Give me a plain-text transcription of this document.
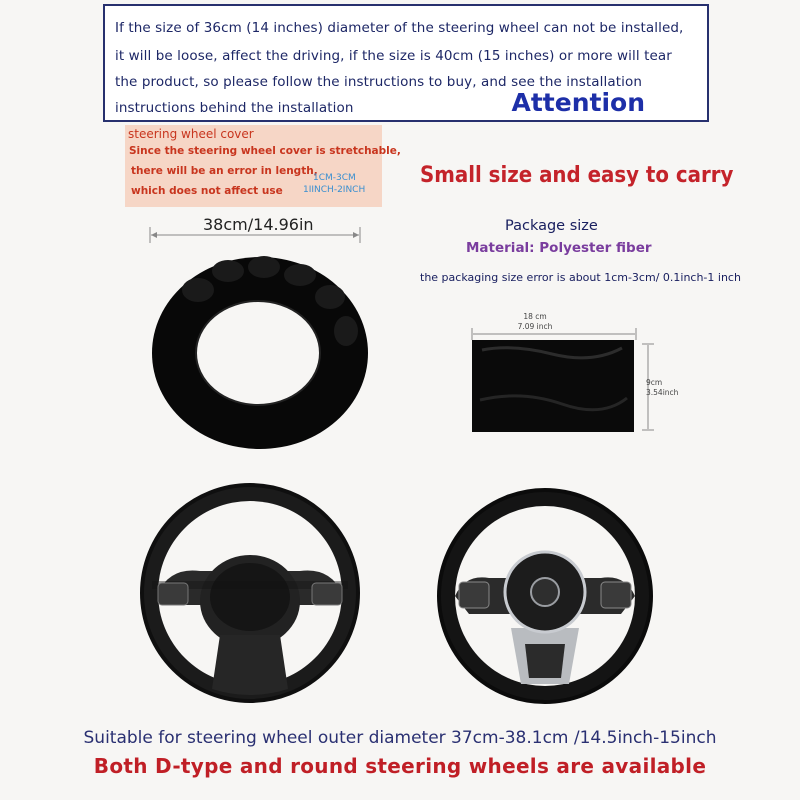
If the size of 36cm (14 inches) diameter of the steering wheel can not be installed,
it will be loose, affect the driving, if the size is 40cm (15 inches) or more will tear
the product, so please follow the instructions to buy, and see the installation
instructions behind the installation	Attention
steering wheel cover
Since the steering wheel cover is stretchable,
there will be an error in length,
which does not affect use
1CM-3CM
1IINCH-2INCH
Small size and easy to carry
38cm/14.96in	Package size
Material: Polyester fiber
the packaging size error is about 1cm-3cm/ 0.1inch-1 inch
18 cm
7.09 inch
9cm
3.54inch
Suitable for steering wheel outer diameter 37cm-38.1cm /14.5inch-15inch
Both D-type and round steering wheels are available
